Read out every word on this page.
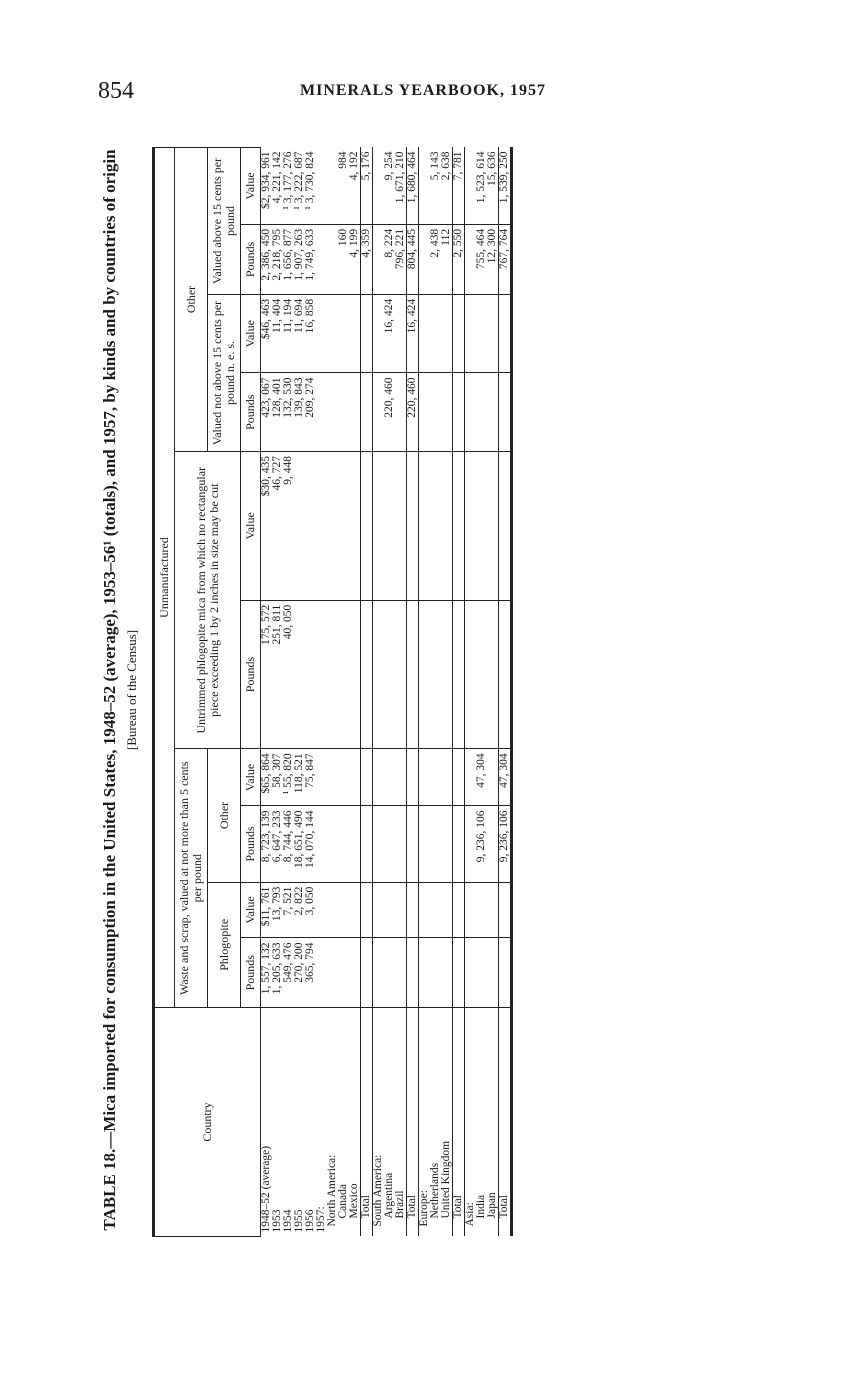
854	MINERALS YEARBOOK, 1957
TABLE 18.—Mica imported for consumption in the United States, 1948–52 (average), 1953–56¹ (totals), and 1957, by kinds and by countries of origin [Bureau of the Census]
Country	Unmanufactured									
	Waste and scrap, valued at not more than 5 cents per pound				Untrimmed phlogopite mica from which no rectangular piece exceeding 1 by 2 inches in size may be cut		Other			
	Phlogopite		Other				Valued not above 15 cents per pound n. e. s.		Valued above 15 cents per pound	
	Pounds	Value	Pounds	Value	Pounds	Value	Pounds	Value	Pounds	Value
1948–52 (average)	1, 557, 132	$11, 761	8, 723, 139	$65, 864	175, 572	$30, 435	423, 067	$46, 463	2, 386, 450	$2, 934, 961
1953	1, 205, 633	13, 793	6, 647, 233	58, 307	251, 811	46, 727	128, 401	11, 404	2, 218, 795	4, 221, 142
1954	549, 476	7, 521	8, 744, 446	¹ 55, 820	40, 050	9, 448	132, 530	11, 194	1, 656, 877	¹ 3, 177, 276
1955	270, 200	2, 822	18, 651, 490	118, 521			139, 843	11, 694	1, 907, 263	¹ 3, 222, 687
1956	365, 794	3, 050	14, 070, 144	75, 847			209, 274	16, 858	1, 749, 633	¹ 3, 730, 824
1957:										
North America:										
Canada									160	984
Mexico									4, 199	4, 192
Total									4, 359	5, 176
South America:										
Argentina							220, 460	16, 424	8, 224	9, 254
Brazil									796, 221	1, 671, 210
Total							220, 460	16, 424	804, 445	1, 680, 464
Europe:										
Netherlands									2, 438	5, 143
United Kingdom									112	2, 638
Total									2, 550	7, 781
Asia:										
India			9, 236, 106	47, 304					755, 464	1, 523, 614
Japan									12, 300	15, 636
Total			9, 236, 106	47, 304					767, 764	1, 539, 250
